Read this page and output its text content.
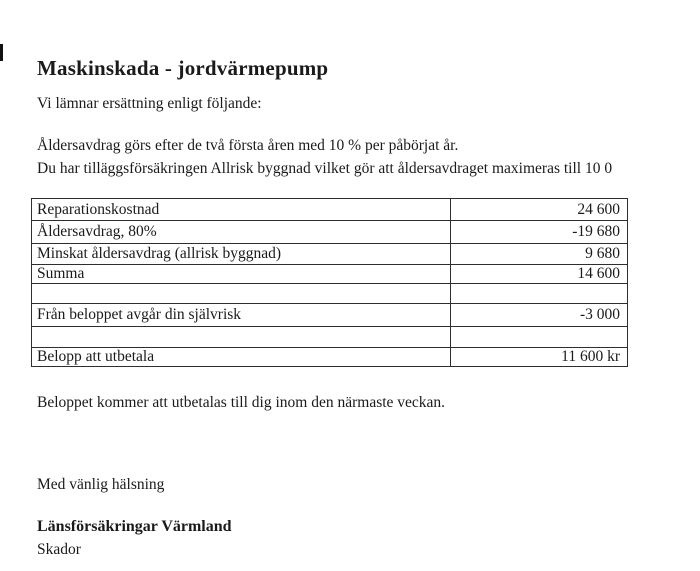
Maskinskada - jordvärmepump
Vi lämnar ersättning enligt följande:
Åldersavdrag görs efter de två första åren med 10 % per påbörjat år.
Du har tilläggsförsäkringen Allrisk byggnad vilket gör att åldersavdraget maximeras till 10 0
Reparationskostnad	24 600
Åldersavdrag, 80%	-19 680
Minskat åldersavdrag (allrisk byggnad)	9 680
Summa	14 600

Från beloppet avgår din självrisk	-3 000

Belopp att utbetala	11 600 kr
Beloppet kommer att utbetalas till dig inom den närmaste veckan.
Med vänlig hälsning
Länsförsäkringar Värmland
Skador
